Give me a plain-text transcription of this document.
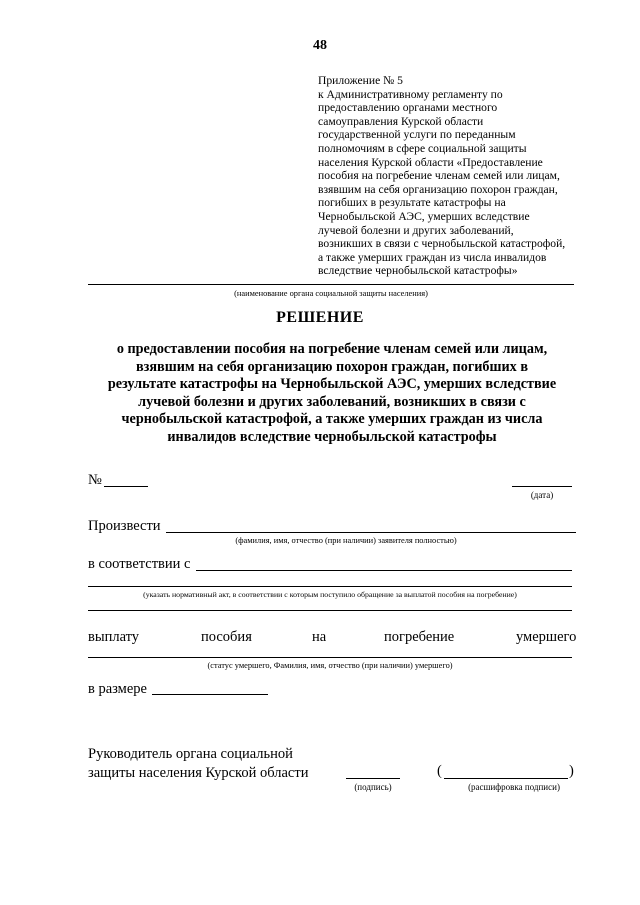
48
Приложение № 5
к Административному регламенту по
предоставлению органами местного
самоуправления Курской области
государственной услуги по переданным
полномочиям в сфере социальной защиты
населения Курской области «Предоставление
пособия на погребение членам семей или лицам,
взявшим на себя организацию похорон граждан,
погибших в результате катастрофы на
Чернобыльской АЭС, умерших вследствие
лучевой болезни и других заболеваний,
возникших в связи с чернобыльской катастрофой,
а также умерших граждан из числа инвалидов
вследствие чернобыльской катастрофы»
(наименование органа социальной защиты населения)
РЕШЕНИЕ
о предоставлении пособия на погребение членам семей или лицам,
взявшим на себя организацию похорон граждан, погибших в
результате катастрофы на Чернобыльской АЭС, умерших вследствие
лучевой болезни и других заболеваний, возникших в связи с
чернобыльской катастрофой, а также умерших граждан из числа
инвалидов вследствие чернобыльской катастрофы
№
(дата)
Произвести
(фамилия, имя, отчество (при наличии) заявителя полностью)
в соответствии с
(указать нормативный акт, в соответствии с которым поступило обращение за выплатой пособия на погребение)
выплату	пособия	на	погребение	умершего
(статус умершего, Фамилия, имя, отчество (при наличии) умершего)
в размере
Руководитель органа социальной
защиты населения Курской области
(подпись)
(	)
(расшифровка подписи)
